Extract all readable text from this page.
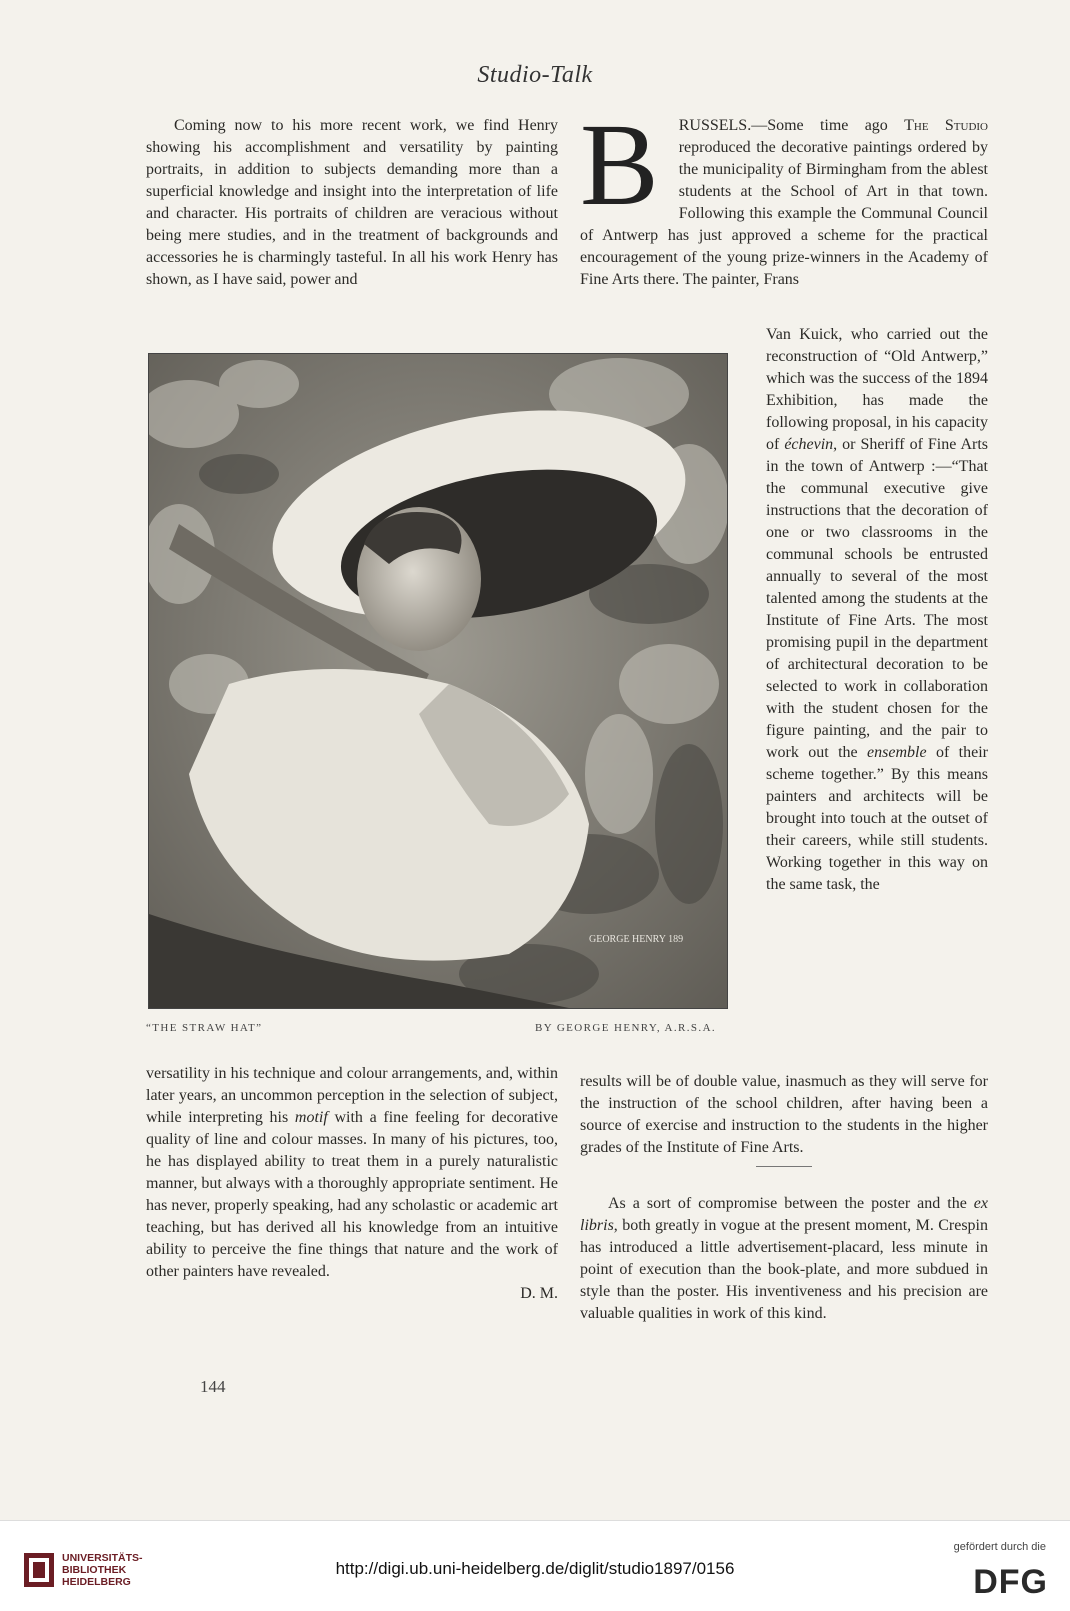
Studio-Talk

Coming now to his more recent work, we find Henry showing his accomplishment and versatility by painting portraits, in addition to subjects demanding more than a superficial knowledge and insight into the interpretation of life and character. His portraits of children are veracious without being mere studies, and in the treatment of backgrounds and accessories he is charmingly tasteful. In all his work Henry has shown, as I have said, power and

GEORGE HENRY 189
“THE STRAW HAT”	BY GEORGE HENRY, A.R.S.A.

versatility in his technique and colour arrangements, and, within later years, an uncommon perception in the selection of subject, while interpreting his motif with a fine feeling for decorative quality of line and colour masses. In many of his pictures, too, he has displayed ability to treat them in a purely naturalistic manner, but always with a thoroughly appropriate sentiment. He has never, properly speaking, had any scholastic or academic art teaching, but has derived all his knowledge from an intuitive ability to perceive the fine things that nature and the work of other painters have revealed.

D. M.

B	RUSSELS.—Some time ago The Studio reproduced the decorative paintings ordered by the municipality of Birmingham from the ablest students at the School of Art in that town. Following this example the Communal Council of Antwerp has just approved a scheme for the practical encouragement of the young prize-winners in the Academy of Fine Arts there. The painter, Frans

Van Kuick, who carried out the reconstruction of “Old Antwerp,” which was the success of the 1894 Exhibition, has made the following proposal, in his capacity of échevin, or Sheriff of Fine Arts in the town of Antwerp :—“That the communal executive give instructions that the decoration of one or two classrooms in the communal schools be entrusted annually to several of the most talented among the students at the Institute of Fine Arts. The most promising pupil in the department of architectural decoration to be selected to work in collaboration with the student chosen for the figure painting, and the pair to work out the ensemble of their scheme together.” By this means painters and architects will be brought into touch at the outset of their careers, while still students. Working together in this way on the same task, the

results will be of double value, inasmuch as they will serve for the instruction of the school children, after having been a source of exercise and instruction to the students in the higher grades of the Institute of Fine Arts.

As a sort of compromise between the poster and the ex libris, both greatly in vogue at the present moment, M. Crespin has introduced a little advertisement-placard, less minute in point of execution than the book-plate, and more subdued in style than the poster. His inventiveness and his precision are valuable qualities in work of this kind.

144
UNIVERSITÄTS-
BIBLIOTHEK
HEIDELBERG
http://digi.ub.uni-heidelberg.de/diglit/studio1897/0156
gefördert durch die
DFG
